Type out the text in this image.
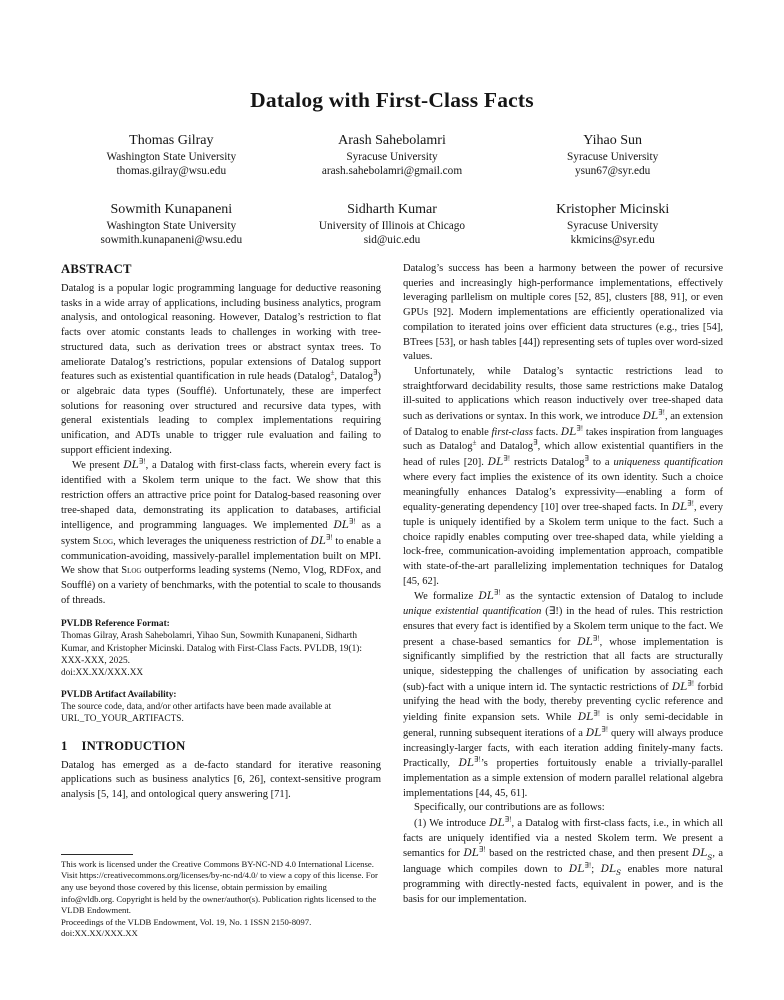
Datalog with First-Class Facts
Thomas Gilray
Washington State University
thomas.gilray@wsu.edu
Arash Sahebolamri
Syracuse University
arash.sahebolamri@gmail.com
Yihao Sun
Syracuse University
ysun67@syr.edu
Sowmith Kunapaneni
Washington State University
sowmith.kunapaneni@wsu.edu
Sidharth Kumar
University of Illinois at Chicago
sid@uic.edu
Kristopher Micinski
Syracuse University
kkmicins@syr.edu
ABSTRACT

Datalog is a popular logic programming language for deductive reasoning tasks in a wide array of applications, including business analytics, program analysis, and ontological reasoning. However, Datalog’s restriction to flat facts over atomic constants leads to challenges in working with tree-structured data, such as derivation trees or abstract syntax trees. To ameliorate Datalog’s restrictions, popular extensions of Datalog support features such as existential quantification in rule heads (Datalog±, Datalog∃) or algebraic data types (Soufflé). Unfortunately, these are imperfect solutions for reasoning over structured and recursive data types, with general existentials leading to complex implementations requiring unification, and ADTs unable to trigger rule evaluation and failing to support efficient indexing.

We present DL∃!, a Datalog with first-class facts, wherein every fact is identified with a Skolem term unique to the fact. We show that this restriction offers an attractive price point for Datalog-based reasoning over tree-shaped data, demonstrating its application to databases, artificial intelligence, and programming languages. We implemented DL∃! as a system Slog, which leverages the uniqueness restriction of DL∃! to enable a communication-avoiding, massively-parallel implementation built on MPI. We show that Slog outperforms leading systems (Nemo, Vlog, RDFox, and Soufflé) on a variety of benchmarks, with the potential to scale to thousands of threads.

PVLDB Reference Format:

Thomas Gilray, Arash Sahebolamri, Yihao Sun, Sowmith Kunapaneni, Sidharth Kumar, and Kristopher Micinski. Datalog with First-Class Facts. PVLDB, 19(1): XXX-XXX, 2025.

doi:XX.XX/XXX.XX

PVLDB Artifact Availability:

The source code, data, and/or other artifacts have been made available at URL_TO_YOUR_ARTIFACTS.

1 INTRODUCTION

Datalog has emerged as a de-facto standard for iterative reasoning applications such as business analytics [6, 26], context-sensitive program analysis [5, 14], and ontological query answering [71].

This work is licensed under the Creative Commons BY-NC-ND 4.0 International License. Visit https://creativecommons.org/licenses/by-nc-nd/4.0/ to view a copy of this license. For any use beyond those covered by this license, obtain permission by emailing info@vldb.org. Copyright is held by the owner/author(s). Publication rights licensed to the VLDB Endowment.

Proceedings of the VLDB Endowment, Vol. 19, No. 1 ISSN 2150-8097.

doi:XX.XX/XXX.XX

Datalog’s success has been a harmony between the power of recursive queries and increasingly high-performance implementations, effectively leveraging parllelism on multiple cores [52, 85], clusters [88, 91], or even GPUs [92]. Modern implementations are efficiently operationalized via compilation to iterated joins over efficient data structures (e.g., tries [54], BTrees [53], or hash tables [44]) representing sets of tuples over word-sized values.

Unfortunately, while Datalog’s syntactic restrictions lead to straightforward decidability results, those same restrictions make Datalog ill-suited to applications which reason inductively over tree-shaped data such as derivations or syntax. In this work, we introduce DL∃!, an extension of Datalog to enable first-class facts. DL∃! takes inspiration from languages such as Datalog± and Datalog∃, which allow existential quantifiers in the head of rules [20]. DL∃! restricts Datalog∃ to a uniqueness quantification where every fact implies the existence of its own identity. Such a choice meaningfully enhances Datalog’s expressivity—enabling a form of equality-generating dependency [10] over tree-shaped facts. In DL∃!, every tuple is uniquely identified by a Skolem term unique to the fact. Such a choice rapidly enables computing over tree-shaped data, while yielding a lock-free, communication-avoiding implementation approach, compatible with state-of-the-art parallelizing implementation techniques for Datalog [45, 62].

We formalize DL∃! as the syntactic extension of Datalog to include unique existential quantification (∃!) in the head of rules. This restriction ensures that every fact is identified by a Skolem term unique to the fact. We present a chase-based semantics for DL∃!, whose implementation is significantly simplified by the restriction that all facts are structurally unique, sidestepping the challenges of unification by associating each (sub)-fact with a unique intern id. The syntactic restrictions of DL∃! forbid unifying the head with the body, thereby preventing cyclic reference and yielding finite expansion sets. While DL∃! is only semi-decidable in general, running subsequent iterations of a DL∃! query will always produce increasingly-larger facts, with each iteration adding finitely-many facts. Practically, DL∃!’s properties fortuitously enable a trivially-parallel implementation as a simple extension of modern parallel relational algebra implementations [44, 45, 61].

Specifically, our contributions are as follows:

(1) We introduce DL∃!, a Datalog with first-class facts, i.e., in which all facts are uniquely identified via a nested Skolem term. We present a semantics for DL∃! based on the restricted chase, and then present $DL_S$, a language which compiles down to DL∃!; $DL_S$ enables more natural programming with directly-nested facts, equivalent in power, and is the basis for our implementation.
